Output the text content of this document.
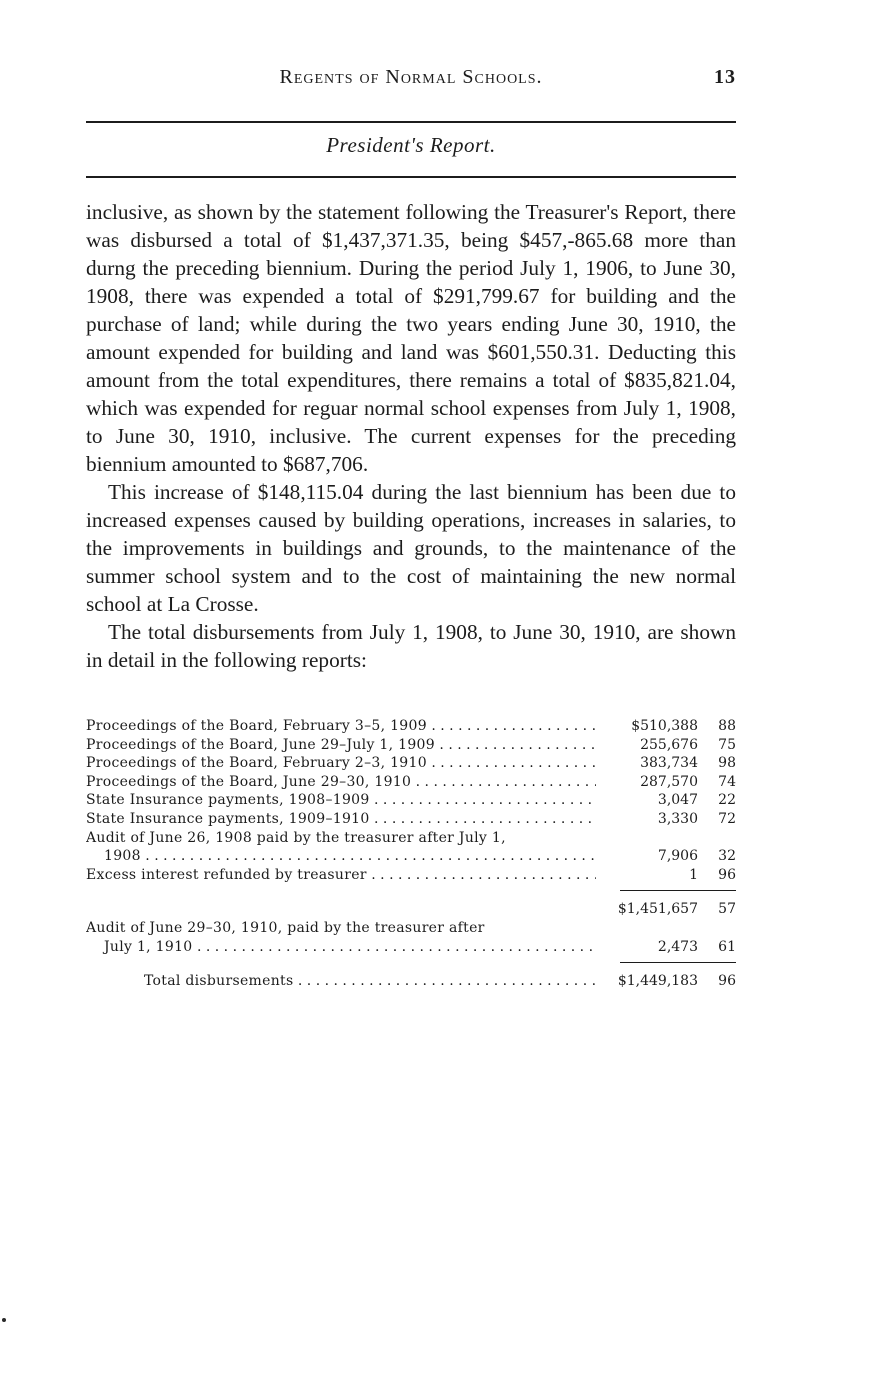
Regents of Normal Schools.	13
President's Report.

inclusive, as shown by the statement following the Treasurer's Report, there was disbursed a total of $1,437,371.35, being $457,-865.68 more than durng the preceding biennium. During the period July 1, 1906, to June 30, 1908, there was expended a total of $291,799.67 for building and the purchase of land; while during the two years ending June 30, 1910, the amount expended for building and land was $601,550.31. Deducting this amount from the total expenditures, there remains a total of $835,821.04, which was expended for reguar normal school expenses from July 1, 1908, to June 30, 1910, inclusive. The current expenses for the preceding biennium amounted to $687,706.

This increase of $148,115.04 during the last biennium has been due to increased expenses caused by building operations, increases in salaries, to the improvements in buildings and grounds, to the maintenance of the summer school system and to the cost of maintaining the new normal school at La Crosse.

The total disbursements from July 1, 1908, to June 30, 1910, are shown in detail in the following reports:

Proceedings of the Board, February 3–5, 1909 . . .	$510,388	88
Proceedings of the Board, June 29–July 1, 1909 . . .	255,676	75
Proceedings of the Board, February 2–3, 1910 . . .	383,734	98
Proceedings of the Board, June 29–30, 1910 . . .	287,570	74
State Insurance payments, 1908–1909 . . .	3,047	22
State Insurance payments, 1909–1910 . . .	3,330	72
Audit of June 26, 1908 paid by the treasurer after July 1,
1908 . . .	7,906	32
Excess interest refunded by treasurer . . .	1	96
$1,451,657	57
Audit of June 29–30, 1910, paid by the treasurer after
July 1, 1910 . . .	2,473	61
Total disbursements . . .	$1,449,183	96
